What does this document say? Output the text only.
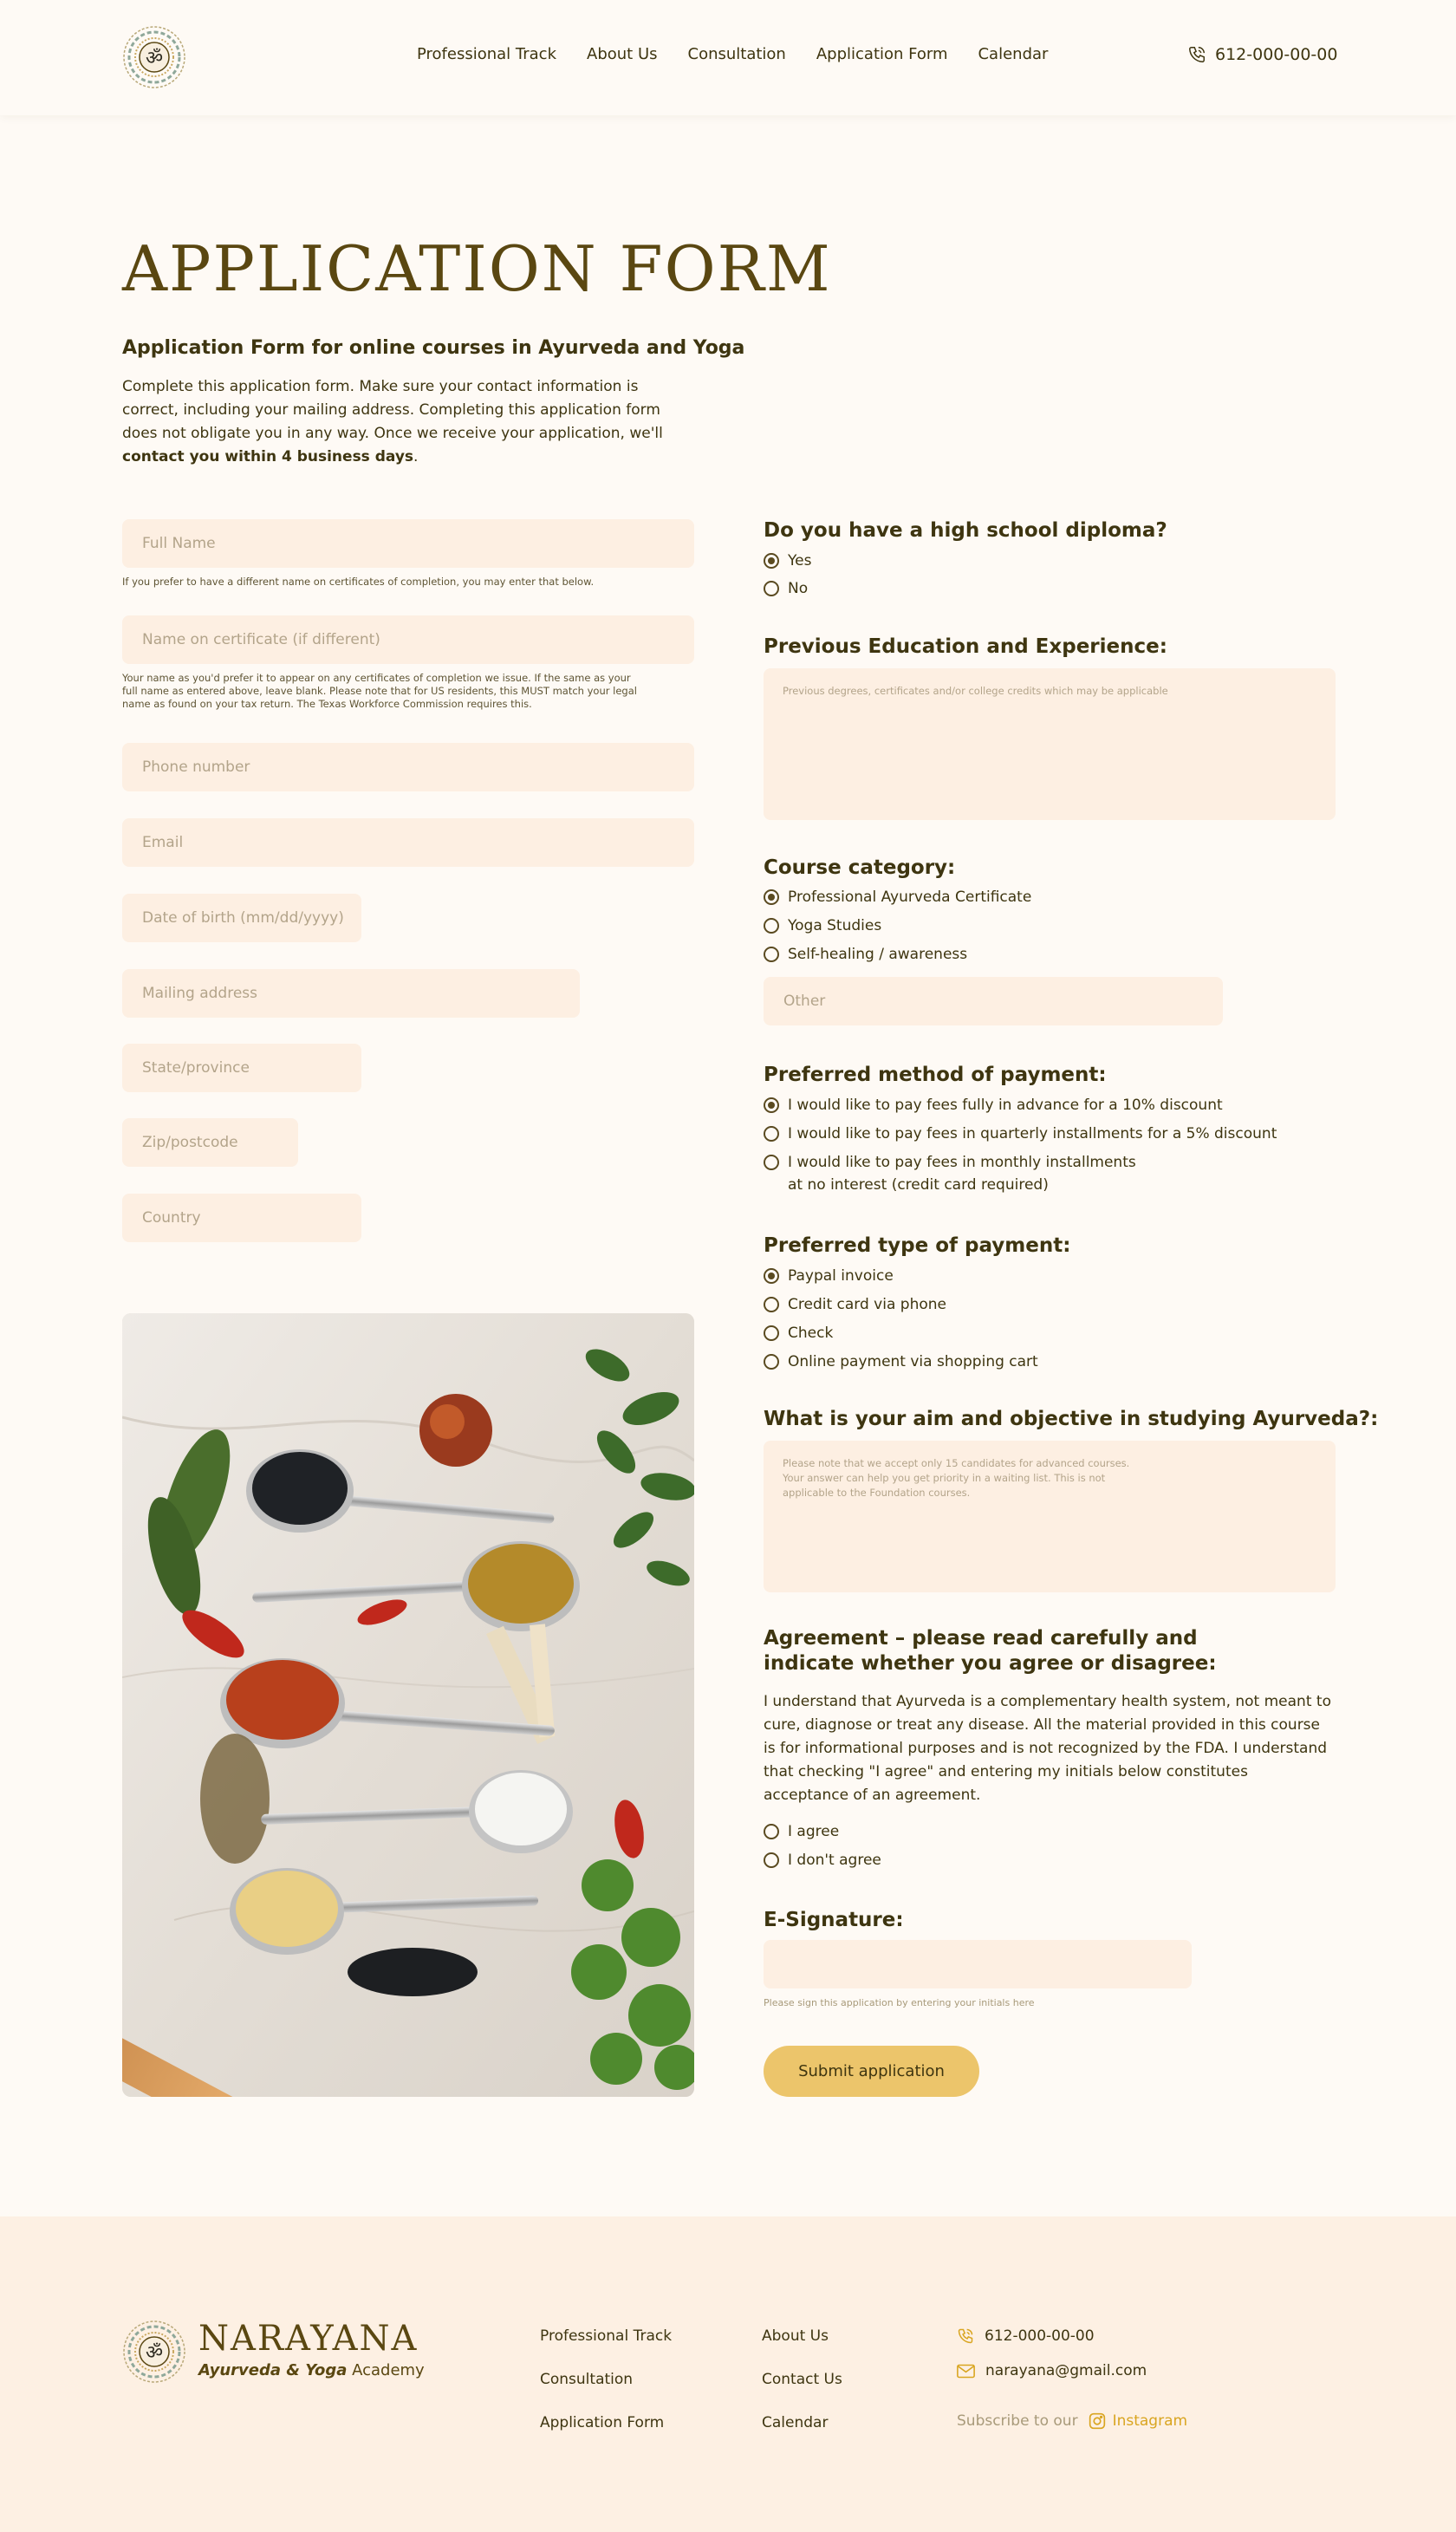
ॐ	Professional Track About Us Consultation Application Form Calendar	612-000-00-00
APPLICATION FORM
Application Form for online courses in Ayurveda and Yoga

Complete this application form. Make sure your contact information is correct, including your mailing address. Completing this application form does not obligate you in any way. Once we receive your application, we'll contact you within 4 business days.

Full Name
If you prefer to have a different name on certificates of completion, you may enter that below.
Name on certificate (if different)
Your name as you'd prefer it to appear on any certificates of completion we issue. If the same as your full name as entered above, leave blank. Please note that for US residents, this MUST match your legal name as found on your tax return. The Texas Workforce Commission requires this.
Phone number
Email
Date of birth (mm/dd/yyyy)
Mailing address
State/province
Zip/postcode
Country
Do you have a high school diploma?
Yes
No
Previous Education and Experience:
Previous degrees, certificates and/or college credits which may be applicable
Course category:
Professional Ayurveda Certificate
Yoga Studies
Self-healing / awareness
Other
Preferred method of payment:
I would like to pay fees fully in advance for a 10% discount
I would like to pay fees in quarterly installments for a 5% discount
I would like to pay fees in monthly installments
at no interest (credit card required)
Preferred type of payment:
Paypal invoice
Credit card via phone
Check
Online payment via shopping cart
What is your aim and objective in studying Ayurveda?:
Please note that we accept only 15 candidates for advanced courses.
Your answer can help you get priority in a waiting list. This is not
applicable to the Foundation courses.
Agreement – please read carefully and
indicate whether you agree or disagree:

I understand that Ayurveda is a complementary health system, not meant to cure, diagnose or treat any disease. All the material provided in this course is for informational purposes and is not recognized by the FDA. I understand that checking "I agree" and entering my initials below constitutes acceptance of an agreement.

I agree
I don't agree
E-Signature:
Please sign this application by entering your initials here
Submit application
ॐ NARAYANA
Ayurveda & Yoga Academy
Professional Track
Consultation
Application Form
About Us
Contact Us
Calendar
612-000-00-00
narayana@gmail.com
Subscribe to our Instagram
